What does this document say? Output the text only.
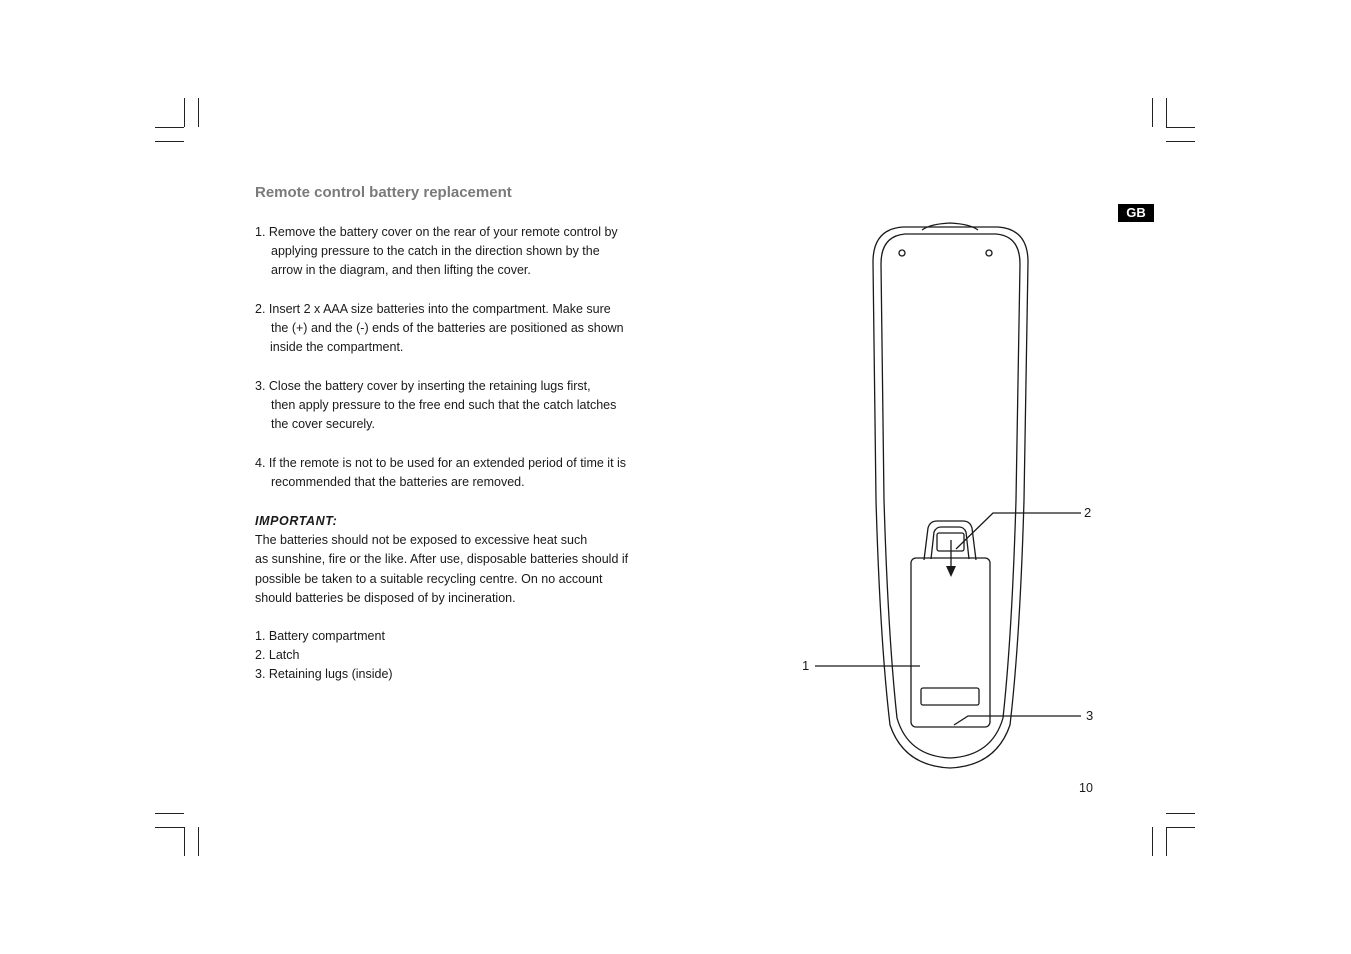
GB
Remote control battery replacement
1. Remove the battery cover on the rear of your remote control by
applying pressure to the catch in the direction shown by the
arrow in the diagram, and then lifting the cover.
2. Insert 2 x AAA size batteries into the compartment. Make sure
the (+) and the (-) ends of the batteries are positioned as shown
inside the compartment.
3. Close the battery cover by inserting the retaining lugs first,
then apply pressure to the free end such that the catch latches
the cover securely.
4. If the remote is not to be used for an extended period of time it is
recommended that the batteries are removed.
IMPORTANT:
The batteries should not be exposed to excessive heat such
as sunshine, fire or the like. After use, disposable batteries should if
possible be taken to a suitable recycling centre. On no account
should batteries be disposed of by incineration.
1. Battery compartment
2. Latch
3. Retaining lugs (inside)
1
2
3
10
